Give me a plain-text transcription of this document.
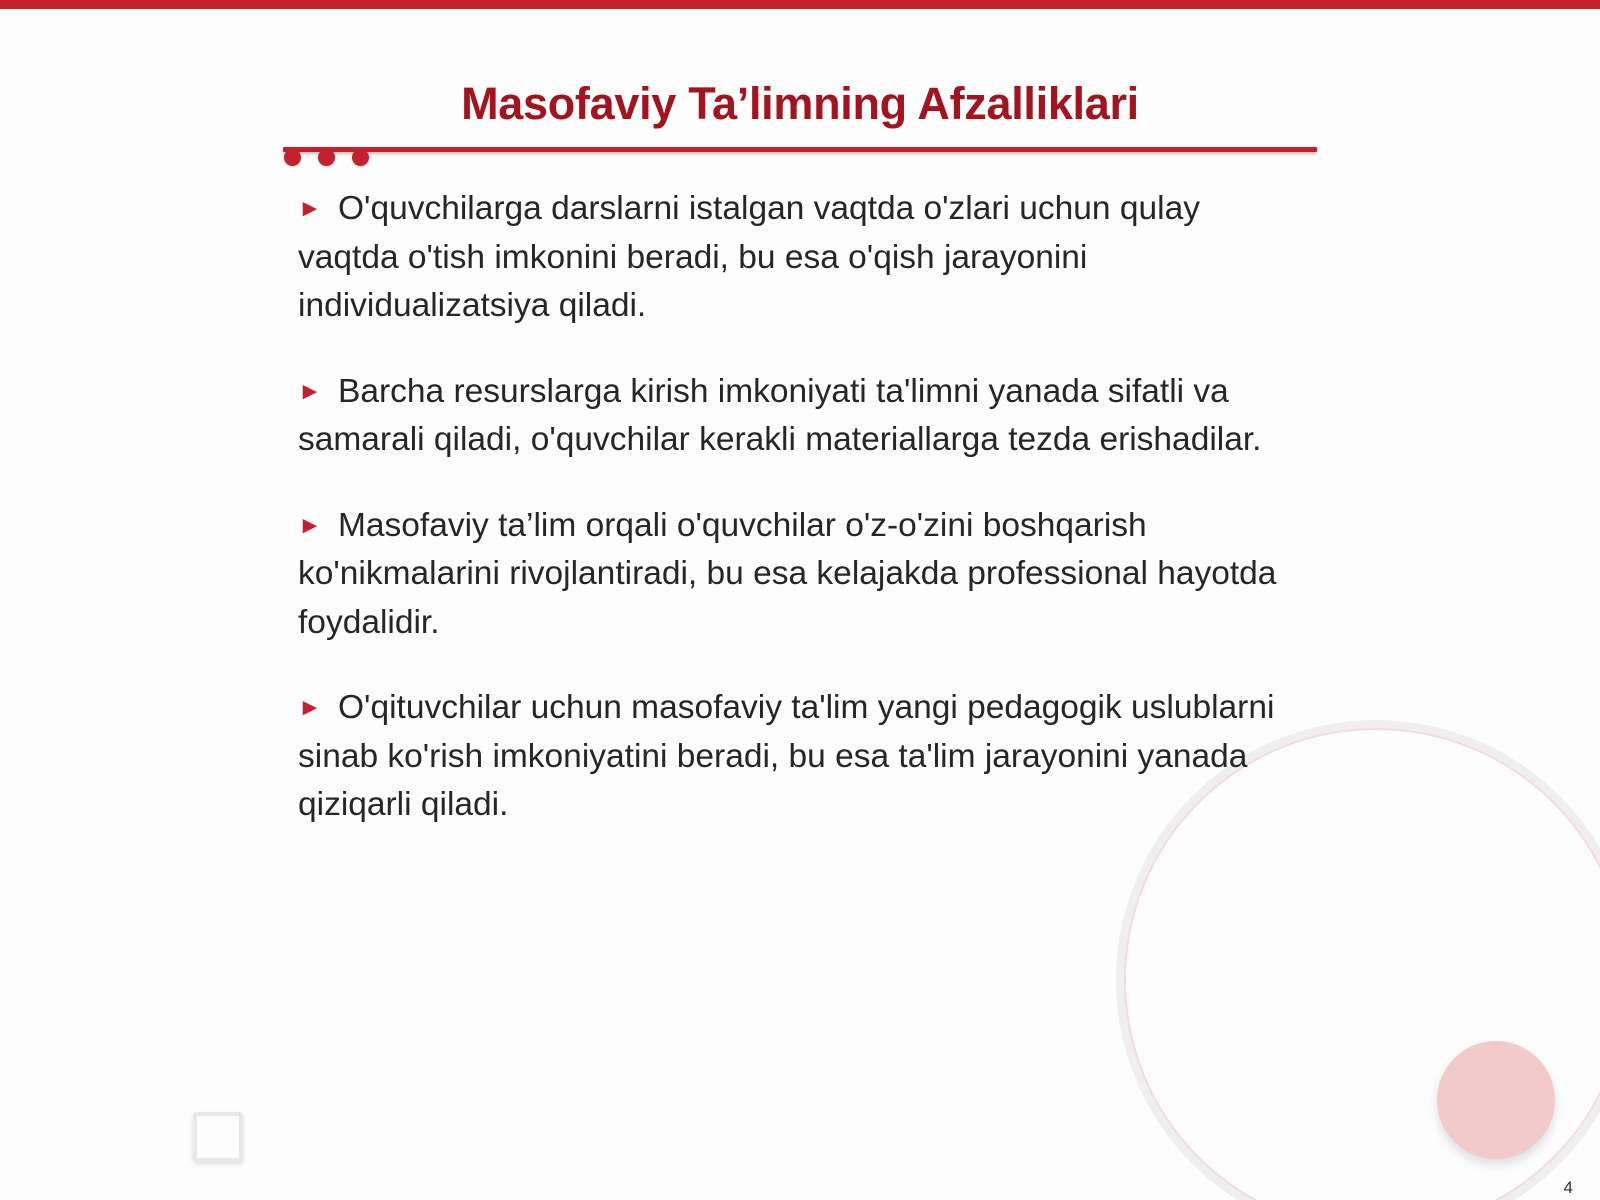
Masofaviy Ta’limning Afzalliklari
► O'quvchilarga darslarni istalgan vaqtda o'zlari uchun qulay vaqtda o'tish imkonini beradi, bu esa o'qish jarayonini individualizatsiya qiladi.
► Barcha resurslarga kirish imkoniyati ta'limni yanada sifatli va samarali qiladi, o'quvchilar kerakli materiallarga tezda erishadilar.
► Masofaviy ta’lim orqali o'quvchilar o'z-o'zini boshqarish ko'nikmalarini rivojlantiradi, bu esa kelajakda professional hayotda foydalidir.
► O'qituvchilar uchun masofaviy ta'lim yangi pedagogik uslublarni sinab ko'rish imkoniyatini beradi, bu esa ta'lim jarayonini yanada qiziqarli qiladi.
4
